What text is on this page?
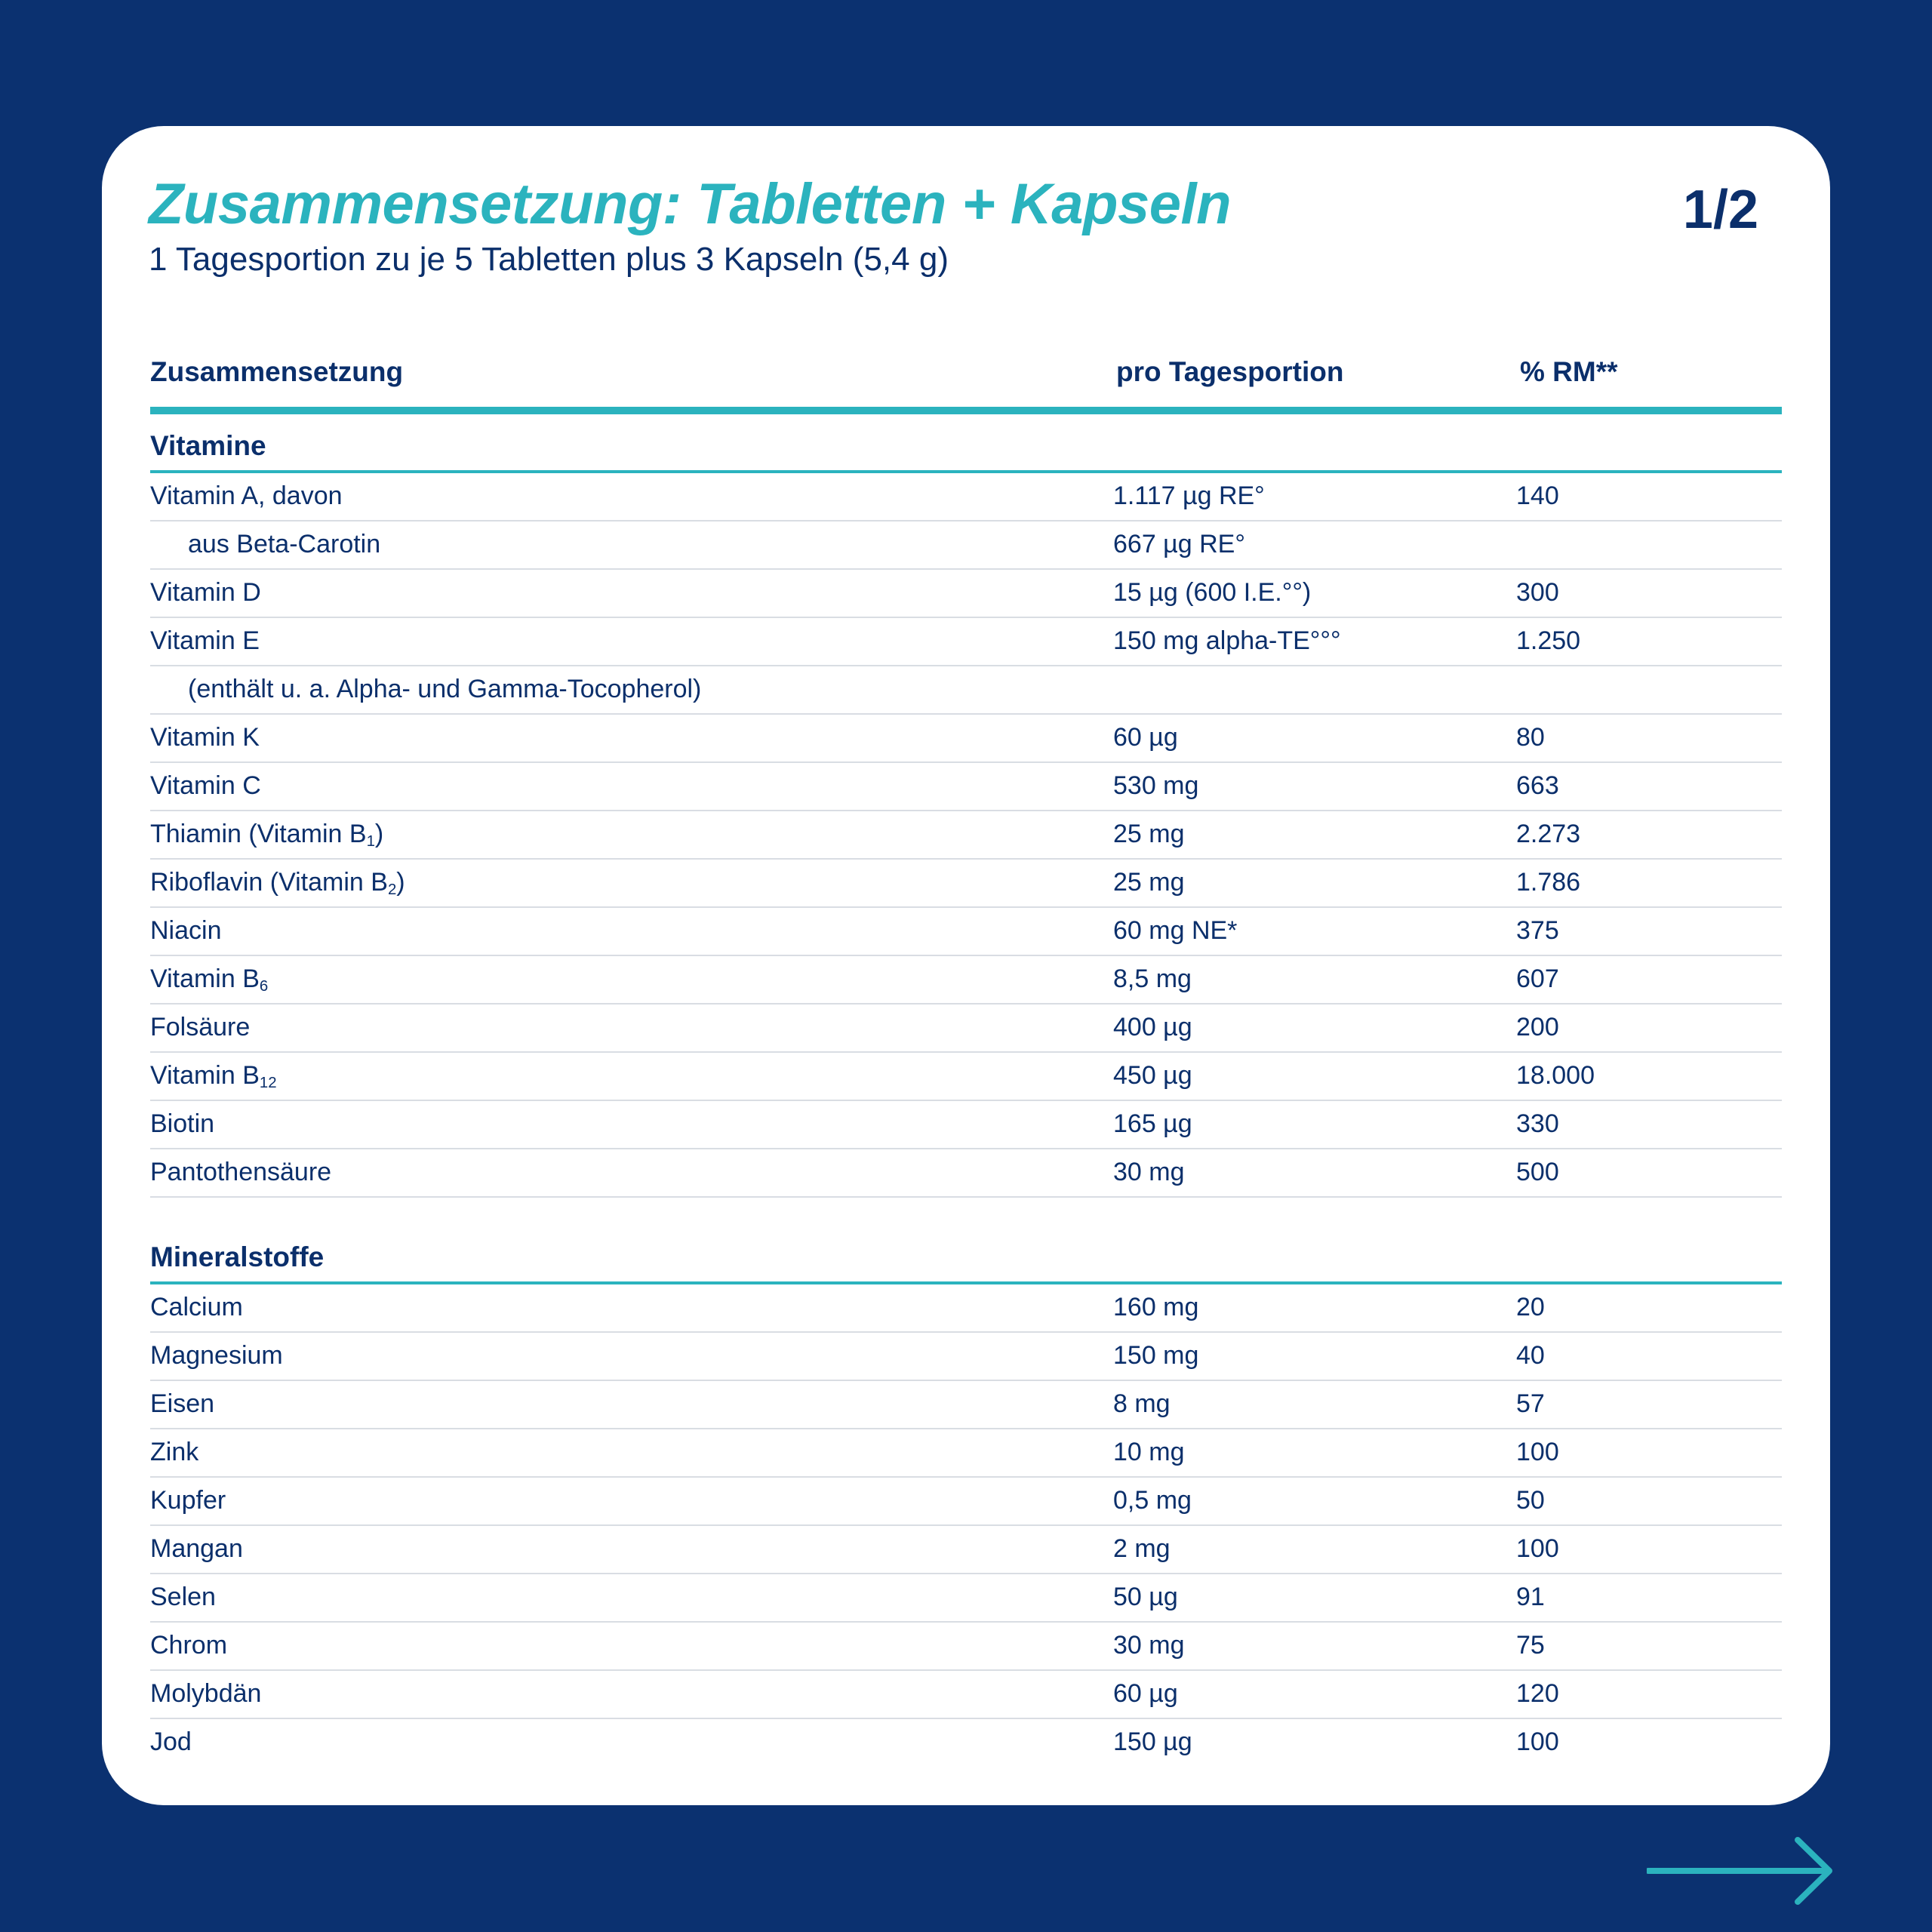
Zusammensetzung: Tabletten + Kapseln	1/2
1 Tagesportion zu je 5 Tabletten plus 3 Kapseln (5,4 g)
Zusammensetzung	pro Tagesportion	% RM**
Vitamine
Vitamin A, davon	1.117 µg RE°	140
aus Beta-Carotin	667 µg RE°
Vitamin D	15 µg (600 I.E.°°)	300
Vitamin E	150 mg alpha-TE°°°	1.250
(enthält u. a. Alpha- und Gamma-Tocopherol)
Vitamin K	60 µg	80
Vitamin C	530 mg	663
Thiamin (Vitamin $B_1$)	25 mg	2.273
Riboflavin (Vitamin $B_2$)	25 mg	1.786
Niacin	60 mg NE*	375
Vitamin $B_6$	8,5 mg	607
Folsäure	400 µg	200
Vitamin $B_{12}$	450 µg	18.000
Biotin	165 µg	330
Pantothensäure	30 mg	500
Mineralstoffe
Calcium	160 mg	20
Magnesium	150 mg	40
Eisen	8 mg	57
Zink	10 mg	100
Kupfer	0,5 mg	50
Mangan	2 mg	100
Selen	50 µg	91
Chrom	30 mg	75
Molybdän	60 µg	120
Jod	150 µg	100
